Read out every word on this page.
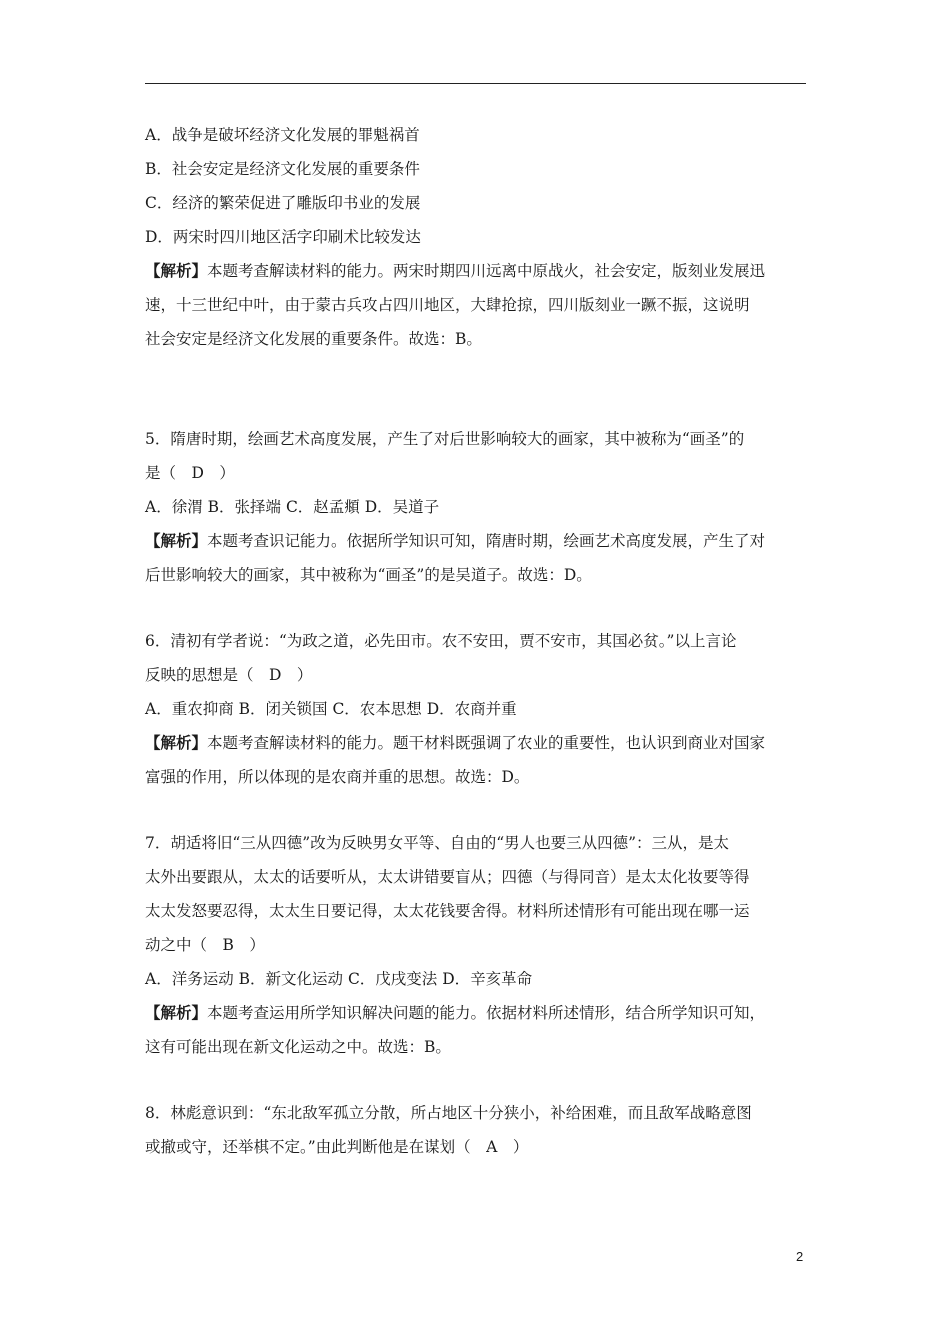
A．战争是破坏经济文化发展的罪魁祸首
B．社会安定是经济文化发展的重要条件
C．经济的繁荣促进了雕版印书业的发展
D．两宋时四川地区活字印刷术比较发达
【解析】本题考查解读材料的能力。两宋时期四川远离中原战火，社会安定，版刻业发展迅
速，十三世纪中叶，由于蒙古兵攻占四川地区，大肆抢掠，四川版刻业一蹶不振，这说明
社会安定是经济文化发展的重要条件。故选：B。
5．隋唐时期，绘画艺术高度发展，产生了对后世影响较大的画家，其中被称为“画圣”的
是（　D　）
A．徐渭 B．张择端 C．赵孟頫 D．吴道子
【解析】本题考查识记能力。依据所学知识可知，隋唐时期，绘画艺术高度发展，产生了对
后世影响较大的画家，其中被称为“画圣”的是吴道子。故选：D。
6．清初有学者说：“为政之道，必先田市。农不安田，贾不安市，其国必贫。”以上言论
反映的思想是（　D　）
A．重农抑商 B．闭关锁国 C．农本思想 D．农商并重
【解析】本题考查解读材料的能力。题干材料既强调了农业的重要性，也认识到商业对国家
富强的作用，所以体现的是农商并重的思想。故选：D。
7．胡适将旧“三从四德”改为反映男女平等、自由的“男人也要三从四德”：三从，是太
太外出要跟从，太太的话要听从，太太讲错要盲从；四德（与得同音）是太太化妆要等得
太太发怒要忍得，太太生日要记得，太太花钱要舍得。材料所述情形有可能出现在哪一运
动之中（　B　）
A．洋务运动 B．新文化运动 C．戊戌变法 D．辛亥革命
【解析】本题考查运用所学知识解决问题的能力。依据材料所述情形，结合所学知识可知，
这有可能出现在新文化运动之中。故选：B。
8．林彪意识到：“东北敌军孤立分散，所占地区十分狭小，补给困难，而且敌军战略意图
或撤或守，还举棋不定。”由此判断他是在谋划（　A　）
2
